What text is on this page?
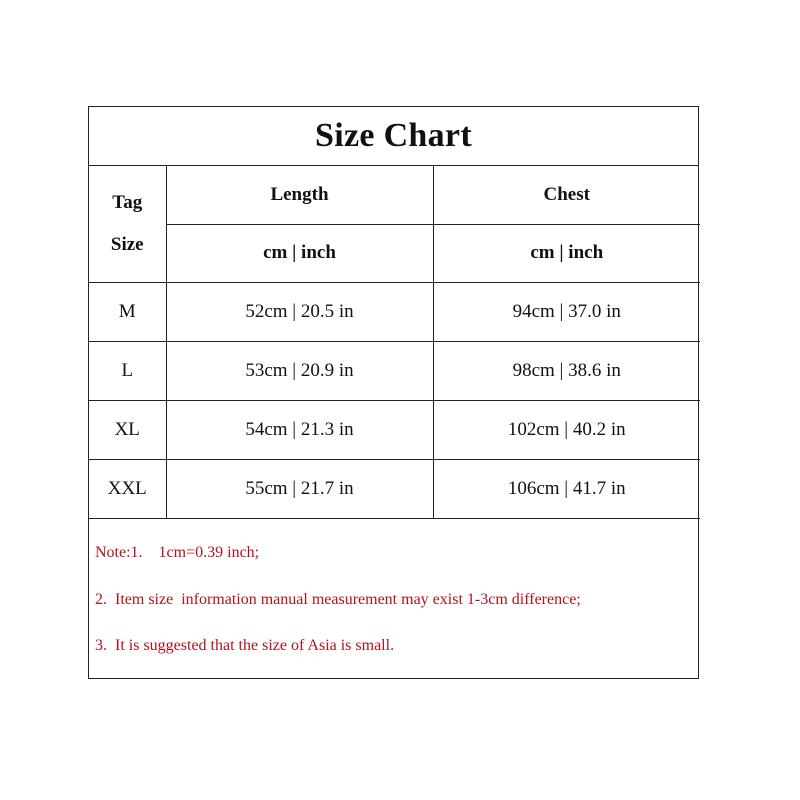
Size Chart
Tag
Size	Length	Chest
	cm | inch	cm | inch
M	52cm | 20.5 in	94cm | 37.0 in
L	53cm | 20.9 in	98cm | 38.6 in
XL	54cm | 21.3 in	102cm | 40.2 in
XXL	55cm | 21.7 in	106cm | 41.7 in
Note:1.    1cm=0.39 inch;
2.  Item size  information manual measurement may exist 1-3cm difference;
3.  It is suggested that the size of Asia is small.
